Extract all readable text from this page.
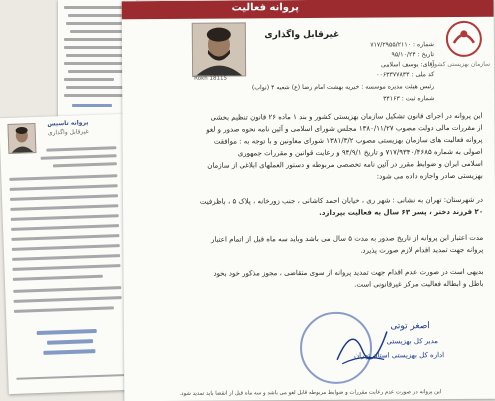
پروانه تاسیس
غیرقابل واگذاری
پروانه فعالیت
Rokh 18115
غیرقابل واگذاری
سازمان بهزیستی کشور
شماره : ۷۱۷/۲۹۵۵/۲۱۱۰
تاریخ : ۹۵/۱۰/۲۴
آقای: یوسف اسلامی
کد ملی : ۰۰۶۳۳۷۷۸۳۳
رئیس هیئت مدیره موسسه : خیریه بهشت امام رضا (ع) شعبه ۴ (نواب)
شماره ثبت : ۳۴۱۶۳
این پروانه در اجرای قانون تشکیل سازمان بهزیستی کشور و بند ۱ ماده ۲۶ قانون تنظیم بخشی
از مقررات مالی دولت مصوب ۱۳۸۰/۱۱/۲۷ مجلس شورای اسلامی و آئین نامه نحوه صدور و لغو
پروانه فعالیت های سازمان بهزیستی مصوب ۱۳۸۱/۳/۲ شورای معاونین و با توجه به : موافقت
اصولی به شماره ۷۱۷/۹۳۴۰/۴۶۸۵ و تاریخ ۹۴/۹/۱ و رعایت قوانین و مقررات جمهوری
اسلامی ایران و ضوابط مقرر در آئین نامه تخصصی مربوطه و دستور العملهای ابلاغی از سازمان
بهزیستی صادر واجازه داده می شود:
در شهرستان: تهران به نشانی : شهر ری ، خیابان احمد کاشانی ، جنب زورخانه ، پلاک ۵ ، باظرفیت
۲۰ فرزند دختر ، پسر ۶۳ سال به فعالیت بپردازد.
مدت اعتبار این پروانه از تاریخ صدور به مدت ۵ سال می باشد وباید سه ماه قبل از اتمام اعتبار
پروانه جهت تمدید اقدام لازم صورت پذیرد.
بدیهی است در صورت عدم اقدام جهت تمدید پروانه از سوی متقاضی ، مجوز مذکور خود بخود
باطل و ابطاله فعالیت مرکز غیرقانونی است.
اصغر توتی
مدیر کل بهزیستی
اداره کل بهزیستی استان تهران
این پروانه در صورت عدم رعایت مقررات و ضوابط مربوطه قابل لغو می باشد و سه ماه قبل از انقضا باید تمدید شود.
